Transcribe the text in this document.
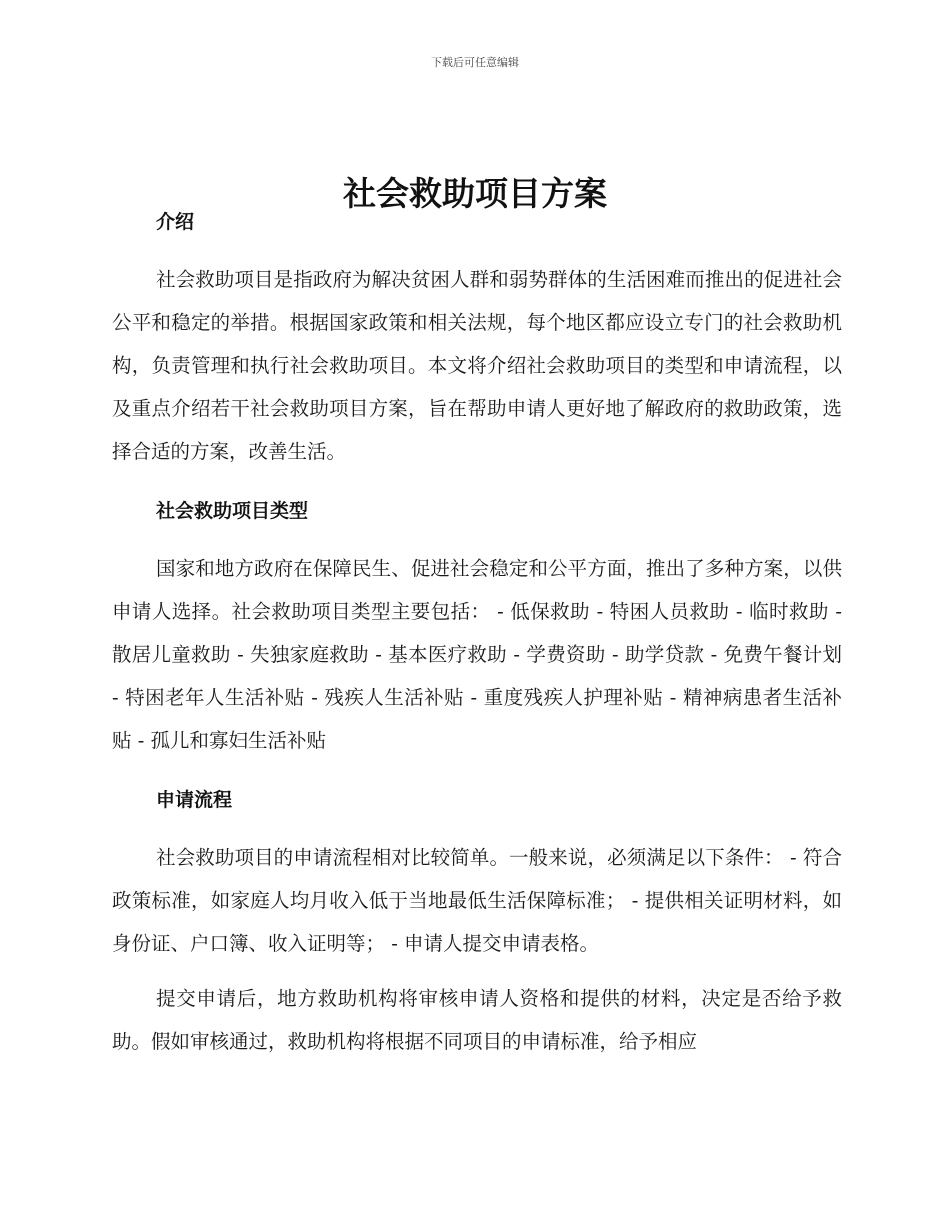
下载后可任意编辑
社会救助项目方案
介绍

社会救助项目是指政府为解决贫困人群和弱势群体的生活困难而推出的促进社会公平和稳定的举措。根据国家政策和相关法规，每个地区都应设立专门的社会救助机构，负责管理和执行社会救助项目。本文将介绍社会救助项目的类型和申请流程，以及重点介绍若干社会救助项目方案，旨在帮助申请人更好地了解政府的救助政策，选择合适的方案，改善生活。

社会救助项目类型

国家和地方政府在保障民生、促进社会稳定和公平方面，推出了多种方案，以供申请人选择。社会救助项目类型主要包括： - 低保救助 - 特困人员救助 - 临时救助 - 散居儿童救助 - 失独家庭救助 - 基本医疗救助 - 学费资助 - 助学贷款 - 免费午餐计划 - 特困老年人生活补贴 - 残疾人生活补贴 - 重度残疾人护理补贴 - 精神病患者生活补贴 - 孤儿和寡妇生活补贴

申请流程

社会救助项目的申请流程相对比较简单。一般来说，必须满足以下条件： - 符合政策标准，如家庭人均月收入低于当地最低生活保障标准； - 提供相关证明材料，如身份证、户口簿、收入证明等； - 申请人提交申请表格。

提交申请后，地方救助机构将审核申请人资格和提供的材料，决定是否给予救助。假如审核通过，救助机构将根据不同项目的申请标准，给予相应
